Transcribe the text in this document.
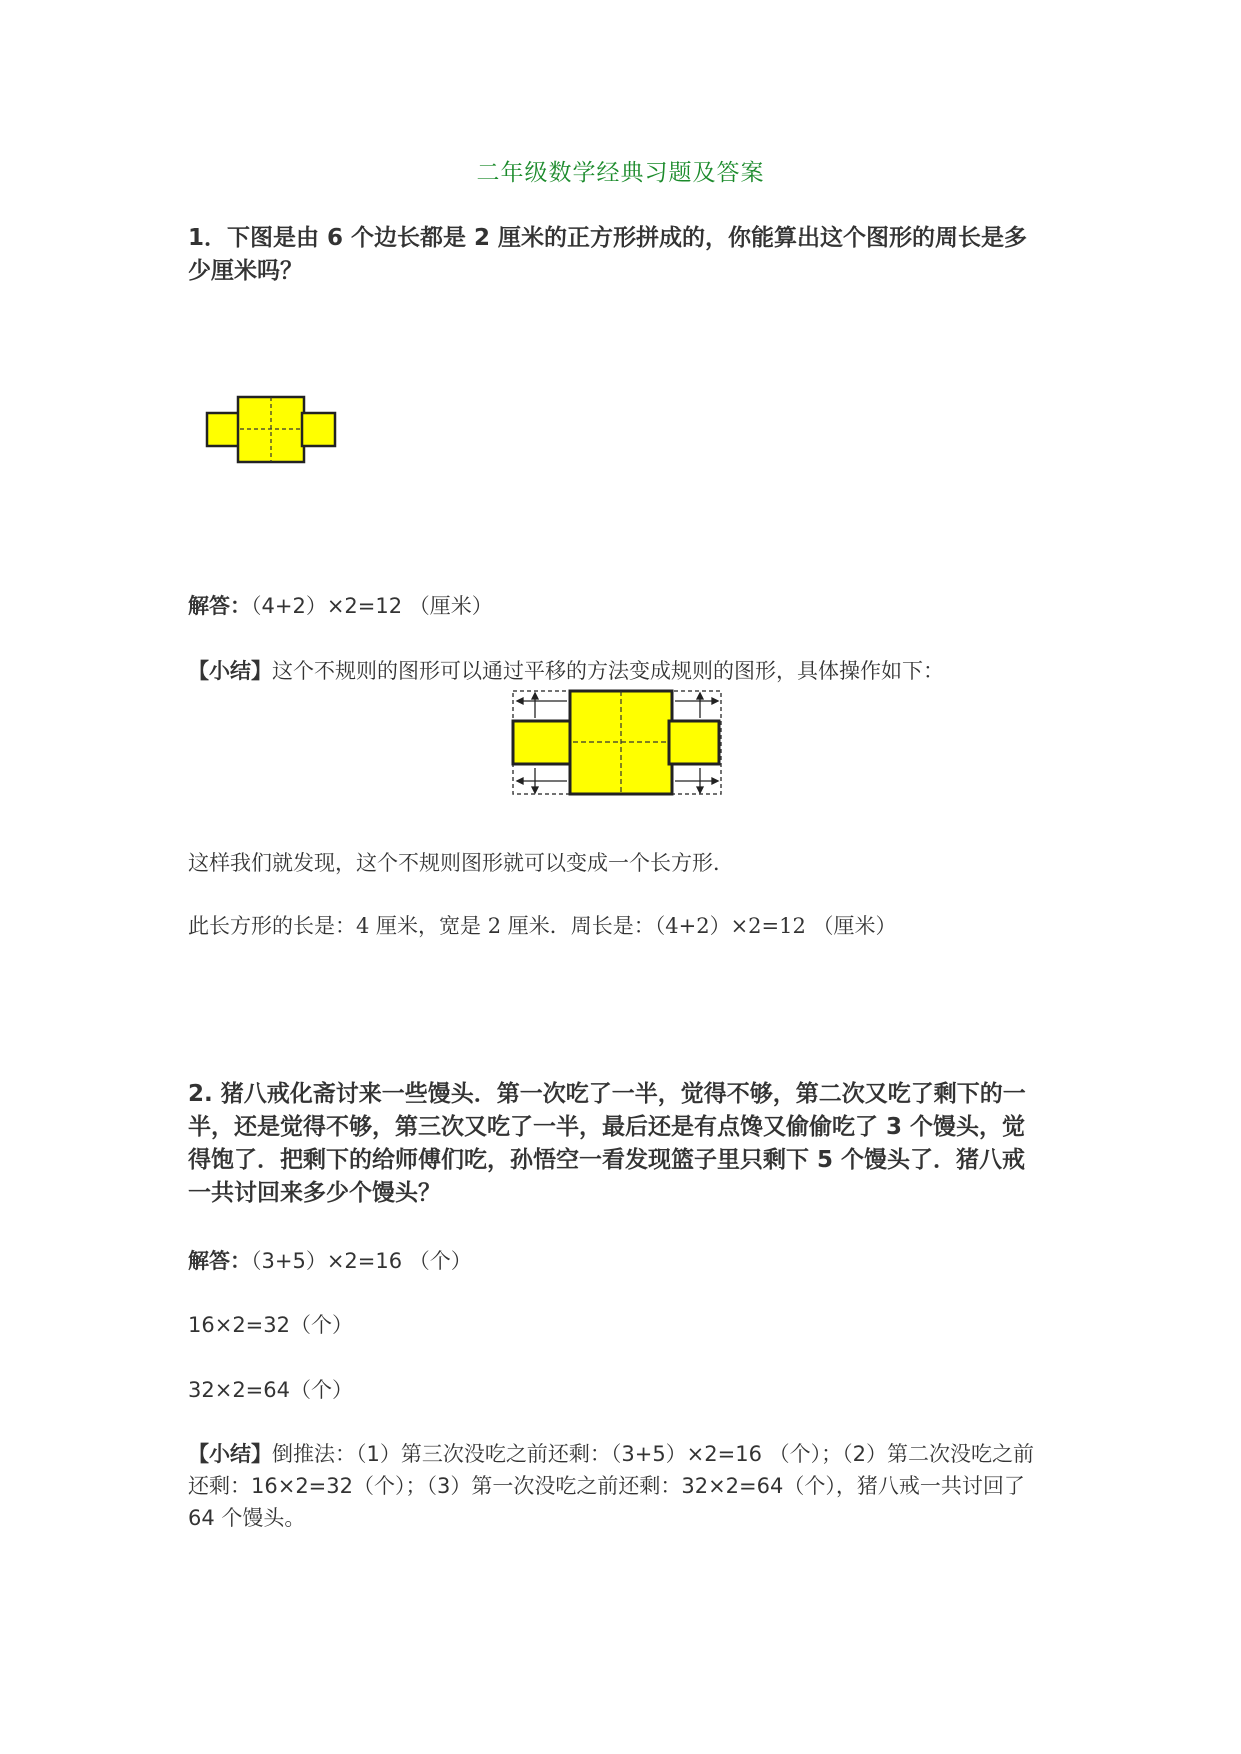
二年级数学经典习题及答案
1．下图是由 6 个边长都是 2 厘米的正方形拼成的，你能算出这个图形的周长是多少厘米吗？
解答：（4+2）×2=12 （厘米）
【小结】这个不规则的图形可以通过平移的方法变成规则的图形，具体操作如下：
这样我们就发现，这个不规则图形就可以变成一个长方形．
此长方形的长是：4 厘米，宽是 2 厘米．周长是：（4+2）×2=12 （厘米）
2. 猪八戒化斋讨来一些馒头．第一次吃了一半，觉得不够，第二次又吃了剩下的一半，还是觉得不够，第三次又吃了一半，最后还是有点馋又偷偷吃了 3 个馒头，觉得饱了．把剩下的给师傅们吃，孙悟空一看发现篮子里只剩下 5 个馒头了．猪八戒一共讨回来多少个馒头？
解答：（3+5）×2=16 （个）
16×2=32（个）
32×2=64（个）
【小结】倒推法：（1）第三次没吃之前还剩：（3+5）×2=16 （个）；（2）第二次没吃之前还剩：16×2=32（个）；（3）第一次没吃之前还剩：32×2=64（个），猪八戒一共讨回了 64 个馒头。
